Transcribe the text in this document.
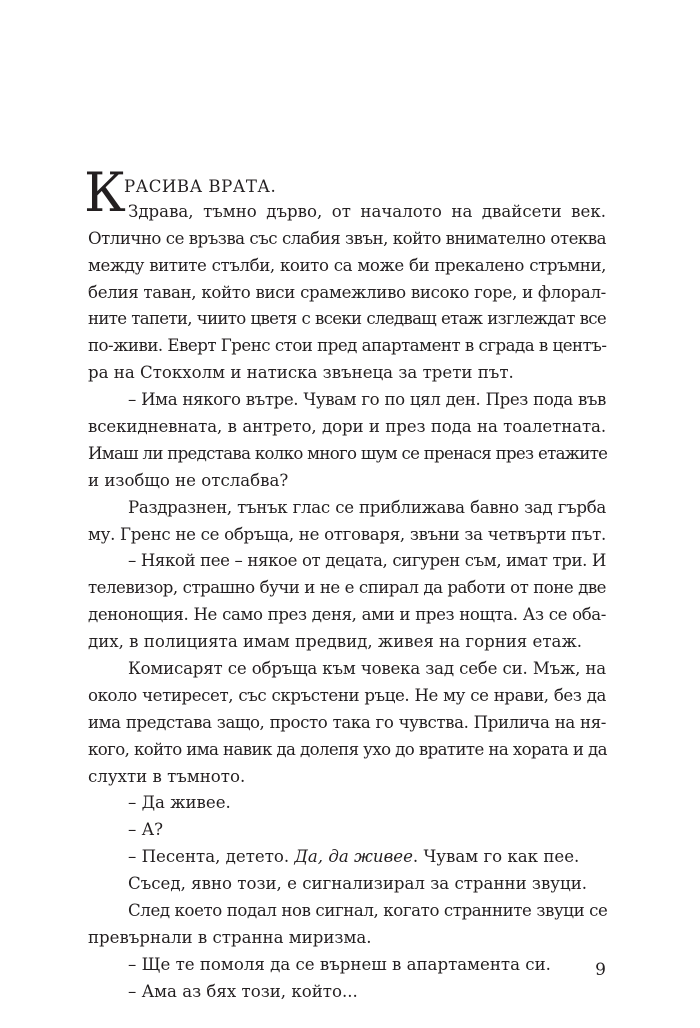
К
РАСИВА ВРАТА.
Здрава, тъмно дърво, от началото на двайсети век.
Отлично се връзва със слабия звън, който внимателно отеква
между витите стълби, които са може би прекалено стръмни,
белия таван, който виси срамежливо високо горе, и флорал-
ните тапети, чиито цветя с всеки следващ етаж изглеждат все
по-живи. Еверт Гренс стои пред апартамент в сграда в центъ-
ра на Стокхолм и натиска звънеца за трети път.
– Има някого вътре. Чувам го по цял ден. През пода във
всекидневната, в антрето, дори и през пода на тоалетната.
Имаш ли представа колко много шум се пренася през етажите
и изобщо не отслабва?
Раздразнен, тънък глас се приближава бавно зад гърба
му. Гренс не се обръща, не отговаря, звъни за четвърти път.
– Някой пее – някое от децата, сигурен съм, имат три. И
телевизор, страшно бучи и не е спирал да работи от поне две
денонощия. Не само през деня, ами и през нощта. Аз се оба-
дих, в полицията имам предвид, живея на горния етаж.
Комисарят се обръща към човека зад себе си. Мъж, на
около четиресет, със скръстени ръце. Не му се нрави, без да
има представа защо, просто така го чувства. Прилича на ня-
кого, който има навик да долепя ухо до вратите на хората и да
слухти в тъмното.
– Да живее.
– А?
– Песента, детето. Да, да живее. Чувам го как пее.
Съсед, явно този, е сигнализирал за странни звуци.
След което подал нов сигнал, когато странните звуци се
превърнали в странна миризма.
– Ще те помоля да се върнеш в апартамента си.
– Ама аз бях този, който...
9
